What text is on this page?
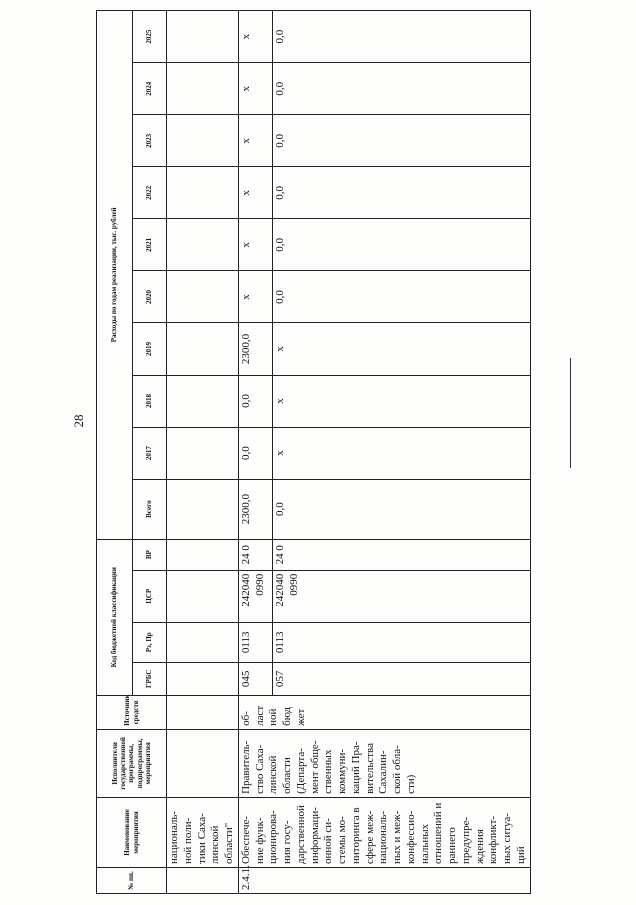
28
№ пп.	Наименование мероприятия	Исполнители государственной программы, подпрограммы, мероприятия	Источник средств	Код бюджетной классификации				Расходы по годам реализации, тыс. рублей									
				ГРБС	Рз, Пр	ЦСР	ВР	Всего	2017	2018	2019	2020	2021	2022	2023	2024	2025
	националь-ной поли-тики Саха-линской области"																
2.4.1.	Обеспече-ние функ-ционирова-ния госу-дарственной информаци-онной си-стемы мо-ниторинга в сфере меж-националь-ных и меж-конфессио-нальных отношений и раннего предупре-ждения конфликт-ных ситуа-ций	Правитель-ство Саха-линской области (Департа-мент обще-ственных коммуни-каций Пра-вительства Сахалин-ской обла-сти)	об-ласт ной бюд жет	045	0113	242040 0990	24 0	2300,0	0,0	0,0	2300,0	х	х	х	х	х	х
				057	0113	242040 0990	24 0	0,0	х	х	х	0,0	0,0	0,0	0,0	0,0	0,0
